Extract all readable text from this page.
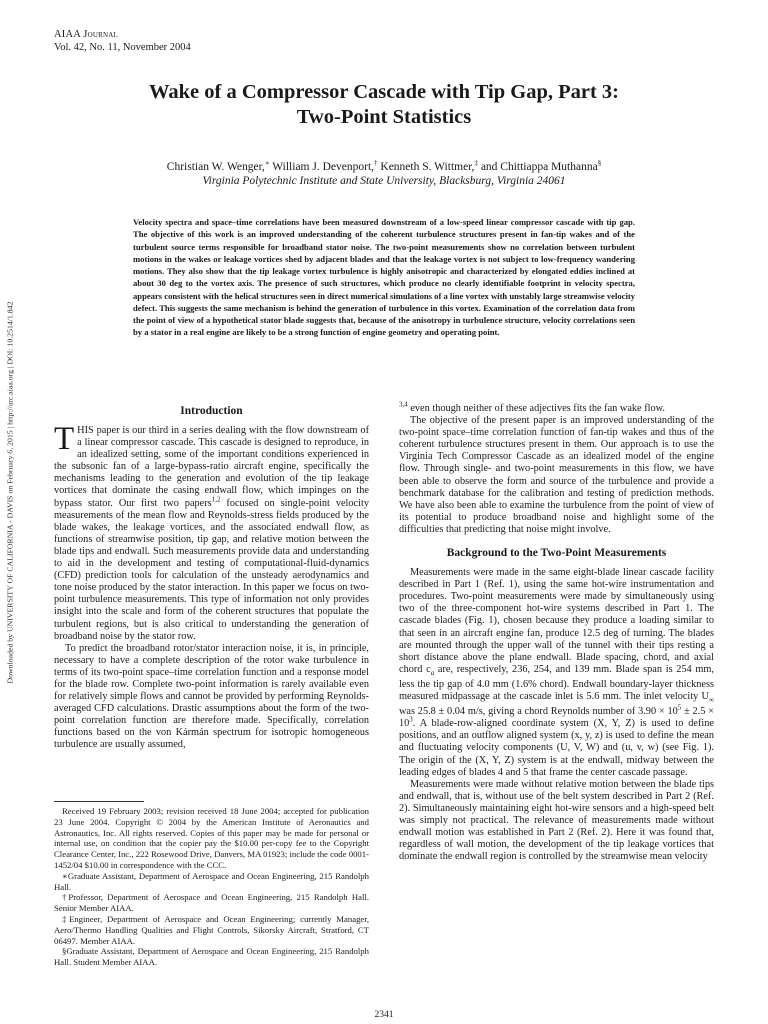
Downloaded by UNIVERSITY OF CALIFORNIA - DAVIS on February 6, 2015 | http://arc.aiaa.org | DOI: 10.2514/1.842
AIAA Journal
Vol. 42, No. 11, November 2004
Wake of a Compressor Cascade with Tip Gap, Part 3:
Two-Point Statistics
Christian W. Wenger,∗ William J. Devenport,† Kenneth S. Wittmer,‡ and Chittiappa Muthanna§
Virginia Polytechnic Institute and State University, Blacksburg, Virginia 24061
Velocity spectra and space–time correlations have been measured downstream of a low-speed linear compressor cascade with tip gap. The objective of this work is an improved understanding of the coherent turbulence structures present in fan-tip wakes and of the turbulent source terms responsible for broadband stator noise. The two-point measurements show no correlation between turbulent motions in the wakes or leakage vortices shed by adjacent blades and that the leakage vortex is not subject to low-frequency wandering motions. They also show that the tip leakage vortex turbulence is highly anisotropic and characterized by elongated eddies inclined at about 30 deg to the vortex axis. The presence of such structures, which produce no clearly identifiable footprint in velocity spectra, appears consistent with the helical structures seen in direct numerical simulations of a line vortex with unstably large streamwise velocity defect. This suggests the same mechanism is behind the generation of turbulence in this vortex. Examination of the correlation data from the point of view of a hypothetical stator blade suggests that, because of the anisotropy in turbulence structure, velocity correlations seen by a stator in a real engine are likely to be a strong function of engine geometry and operating point.
Introduction

THIS paper is our third in a series dealing with the flow downstream of a linear compressor cascade. This cascade is designed to reproduce, in an idealized setting, some of the important conditions experienced in the subsonic fan of a large-bypass-ratio aircraft engine, specifically the mechanisms leading to the generation and evolution of the tip leakage vortices that dominate the casing endwall flow, which impinges on the bypass stator. Our first two papers$^{1,2}$ focused on single-point velocity measurements of the mean flow and Reynolds-stress fields produced by the blade wakes, the leakage vortices, and the associated endwall flow, as functions of streamwise position, tip gap, and relative motion between the blade tips and endwall. Such measurements provide data and understanding to aid in the development and testing of computational-fluid-dynamics (CFD) prediction tools for calculation of the unsteady aerodynamics and tone noise produced by the stator interaction. In this paper we focus on two-point turbulence measurements. This type of information not only provides insight into the scale and form of the coherent structures that populate the turbulent regions, but is also critical to understanding the generation of broadband noise by the stator row.

To predict the broadband rotor/stator interaction noise, it is, in principle, necessary to have a complete description of the rotor wake turbulence in terms of its two-point space–time correlation function and a response model for the blade row. Complete two-point information is rarely available even for relatively simple flows and cannot be provided by performing Reynolds-averaged CFD calculations. Drastic assumptions about the form of the two-point correlation function are therefore made. Specifically, correlation functions based on the von Kármán spectrum for isotropic homogeneous turbulence are usually assumed,

$^{3,4}$ even though neither of these adjectives fits the fan wake flow.

The objective of the present paper is an improved understanding of the two-point space–time correlation function of fan-tip wakes and thus of the coherent turbulence structures present in them. Our approach is to use the Virginia Tech Compressor Cascade as an idealized model of the engine flow. Through single- and two-point measurements in this flow, we have been able to observe the form and source of the turbulence and provide a benchmark database for the calibration and testing of prediction methods. We have also been able to examine the turbulence from the point of view of its potential to produce broadband noise and highlight some of the difficulties that predicting that noise might involve.

Background to the Two-Point Measurements

Measurements were made in the same eight-blade linear cascade facility described in Part 1 (Ref. 1), using the same hot-wire instrumentation and procedures. Two-point measurements were made by simultaneously using two of the three-component hot-wire systems described in Part 1. The cascade blades (Fig. 1), chosen because they produce a loading similar to that seen in an aircraft engine fan, produce 12.5 deg of turning. The blades are mounted through the upper wall of the tunnel with their tips resting a short distance above the plane endwall. Blade spacing, chord, and axial chord $c_a$ are, respectively, 236, 254, and 139 mm. Blade span is 254 mm, less the tip gap of 4.0 mm (1.6% chord). Endwall boundary-layer thickness measured midpassage at the cascade inlet is 5.6 mm. The inlet velocity $U_\infty$ was 25.8 ± 0.04 m/s, giving a chord Reynolds number of $3.90 \times 10^5 \pm 2.5 \times 10^3$. A blade-row-aligned coordinate system (X, Y, Z) is used to define positions, and an outflow aligned system (x, y, z) is used to define the mean and fluctuating velocity components (U, V, W) and (u, v, w) (see Fig. 1). The origin of the (X, Y, Z) system is at the endwall, midway between the leading edges of blades 4 and 5 that frame the center cascade passage.

Measurements were made without relative motion between the blade tips and endwall, that is, without use of the belt system described in Part 2 (Ref. 2). Simultaneously maintaining eight hot-wire sensors and a high-speed belt was simply not practical. The relevance of measurements made without endwall motion was established in Part 2 (Ref. 2). Here it was found that, regardless of wall motion, the development of the tip leakage vortices that dominate the endwall region is controlled by the streamwise mean velocity

Received 19 February 2003; revision received 18 June 2004; accepted for publication 23 June 2004. Copyright © 2004 by the American Institute of Aeronautics and Astronautics, Inc. All rights reserved. Copies of this paper may be made for personal or internal use, on condition that the copier pay the $10.00 per-copy fee to the Copyright Clearance Center, Inc., 222 Rosewood Drive, Danvers, MA 01923; include the code 0001-1452/04 $10.00 in correspondence with the CCC.

∗Graduate Assistant, Department of Aerospace and Ocean Engineering, 215 Randolph Hall.

†Professor, Department of Aerospace and Ocean Engineering, 215 Randolph Hall. Senior Member AIAA.

‡Engineer, Department of Aerospace and Ocean Engineering; currently Manager, Aero/Thermo Handling Qualities and Flight Controls, Sikorsky Aircraft, Stratford, CT 06497. Member AIAA.

§Graduate Assistant, Department of Aerospace and Ocean Engineering, 215 Randolph Hall. Student Member AIAA.

2341
